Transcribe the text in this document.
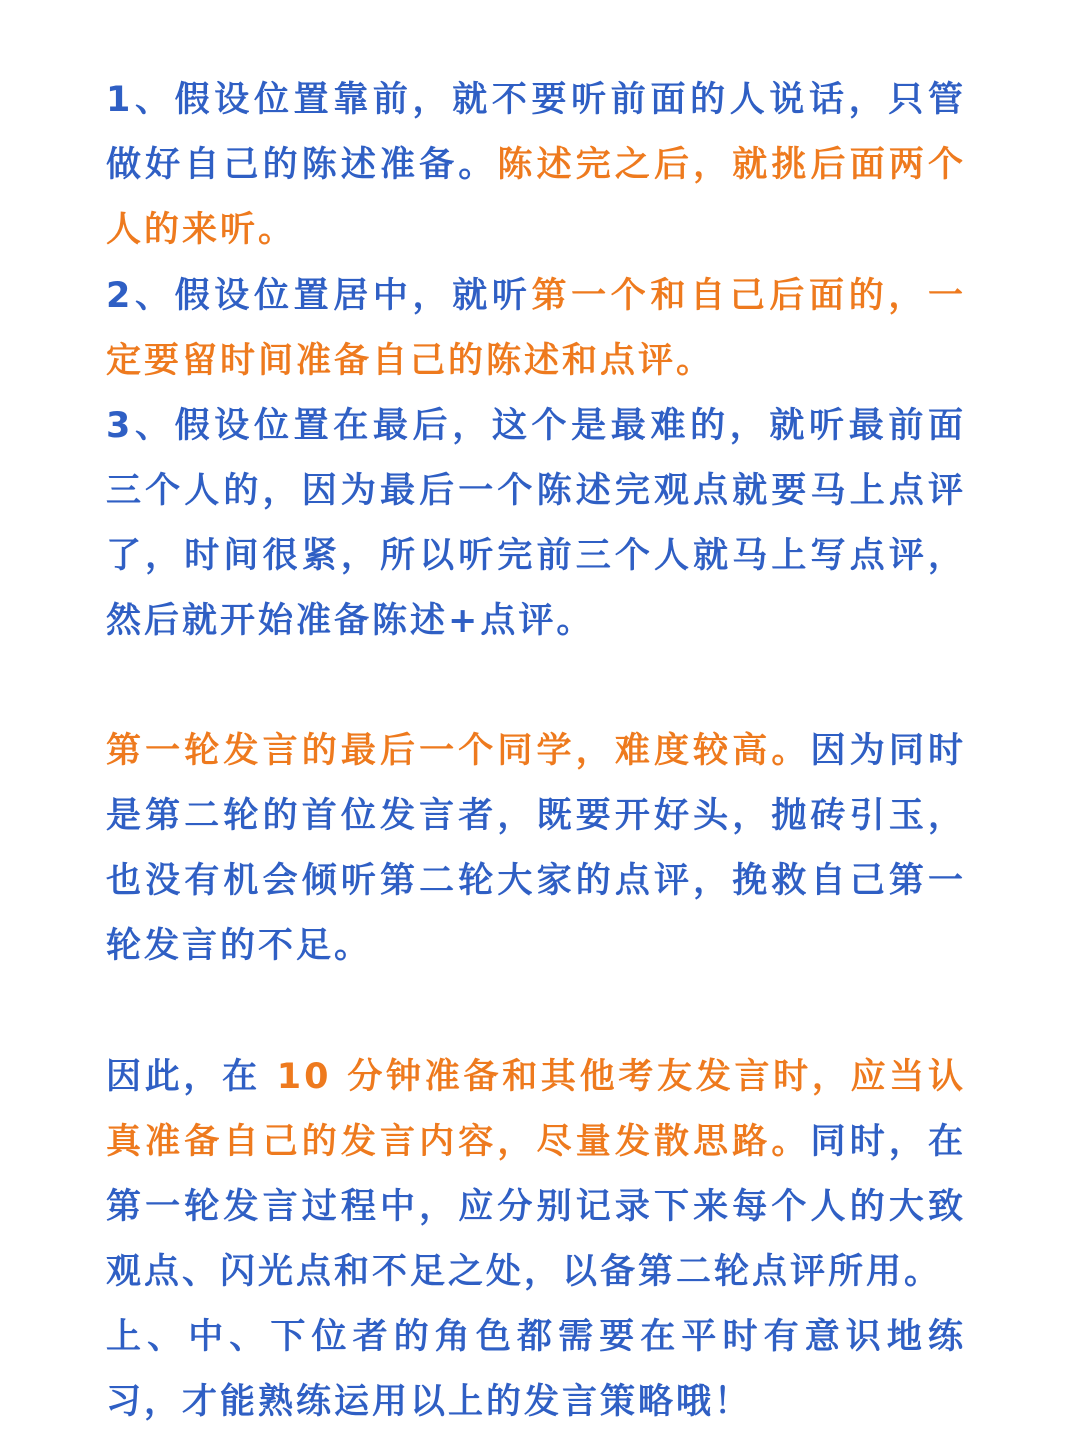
1、假设位置靠前，就不要听前面的人说话，只管做好自己的陈述准备。陈述完之后，就挑后面两个人的来听。

2、假设位置居中，就听第一个和自己后面的，一定要留时间准备自己的陈述和点评。

3、假设位置在最后，这个是最难的，就听最前面三个人的，因为最后一个陈述完观点就要马上点评了，时间很紧，所以听完前三个人就马上写点评，然后就开始准备陈述+点评。

第一轮发言的最后一个同学，难度较高。因为同时是第二轮的首位发言者，既要开好头，抛砖引玉，也没有机会倾听第二轮大家的点评，挽救自己第一轮发言的不足。

因此，在 10 分钟准备和其他考友发言时，应当认真准备自己的发言内容，尽量发散思路。同时，在第一轮发言过程中，应分别记录下来每个人的大致观点、闪光点和不足之处，以备第二轮点评所用。

上、中、下位者的角色都需要在平时有意识地练习，才能熟练运用以上的发言策略哦！
